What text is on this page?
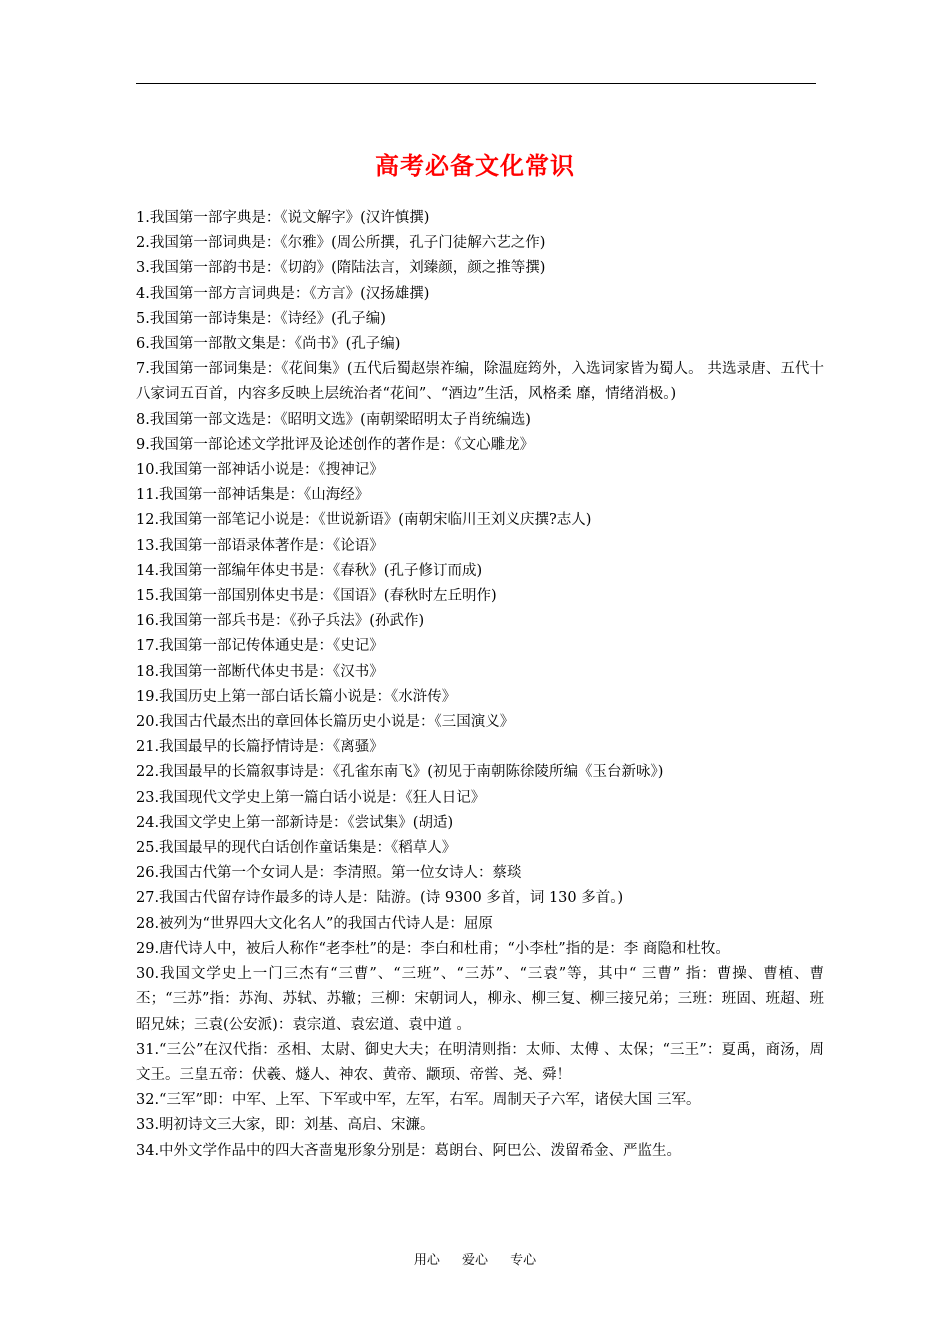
高考必备文化常识
1.我国第一部字典是：《说文解字》(汉许慎撰)
2.我国第一部词典是：《尔雅》(周公所撰，孔子门徒解六艺之作)
3.我国第一部韵书是：《切韵》(隋陆法言，刘臻颜，颜之推等撰)
4.我国第一部方言词典是：《方言》(汉扬雄撰)
5.我国第一部诗集是：《诗经》(孔子编)
6.我国第一部散文集是：《尚书》(孔子编)
7.我国第一部词集是：《花间集》(五代后蜀赵崇祚编，除温庭筠外，入选词家皆为蜀人。 共选录唐、五代十八家词五百首，内容多反映上层统治者“花间”、“酒边”生活，风格柔 靡，情绪消极。)
8.我国第一部文选是：《昭明文选》(南朝梁昭明太子肖统编选)
9.我国第一部论述文学批评及论述创作的著作是：《文心雕龙》
10.我国第一部神话小说是：《搜神记》
11.我国第一部神话集是：《山海经》
12.我国第一部笔记小说是：《世说新语》(南朝宋临川王刘义庆撰?志人)
13.我国第一部语录体著作是：《论语》
14.我国第一部编年体史书是：《春秋》(孔子修订而成)
15.我国第一部国别体史书是：《国语》(春秋时左丘明作)
16.我国第一部兵书是：《孙子兵法》(孙武作)
17.我国第一部记传体通史是：《史记》
18.我国第一部断代体史书是：《汉书》
19.我国历史上第一部白话长篇小说是：《水浒传》
20.我国古代最杰出的章回体长篇历史小说是：《三国演义》
21.我国最早的长篇抒情诗是：《离骚》
22.我国最早的长篇叙事诗是：《孔雀东南飞》(初见于南朝陈徐陵所编《玉台新咏》)
23.我国现代文学史上第一篇白话小说是：《狂人日记》
24.我国文学史上第一部新诗是：《尝试集》(胡适)
25.我国最早的现代白话创作童话集是：《稻草人》
26.我国古代第一个女词人是：李清照。第一位女诗人：蔡琰
27.我国古代留存诗作最多的诗人是：陆游。(诗 9300 多首，词 130 多首。)
28.被列为“世界四大文化名人”的我国古代诗人是：屈原
29.唐代诗人中，被后人称作“老李杜”的是：李白和杜甫；“小李杜”指的是：李 商隐和杜牧。
30.我国文学史上一门三杰有“三曹”、“三班”、“三苏”、“三袁”等，其中“ 三曹” 指：曹操、曹植、曹丕；“三苏”指：苏洵、苏轼、苏辙；三柳：宋朝词人，柳永、柳三复、柳三接兄弟；三班：班固、班超、班昭兄妹；三袁(公安派)：袁宗道、袁宏道、袁中道 。
31.“三公”在汉代指：丞相、太尉、御史大夫；在明清则指：太师、太傅 、太保；“三王”：夏禹，商汤，周文王。三皇五帝：伏羲、燧人、神农、黄帝、颛顼、帝喾、尧、舜！
32.“三军”即：中军、上军、下军或中军，左军，右军。周制天子六军，诸侯大国 三军。
33.明初诗文三大家，即：刘基、高启、宋濂。
34.中外文学作品中的四大吝啬鬼形象分别是：葛朗台、阿巴公、泼留希金、严监生。
用心 爱心 专心
